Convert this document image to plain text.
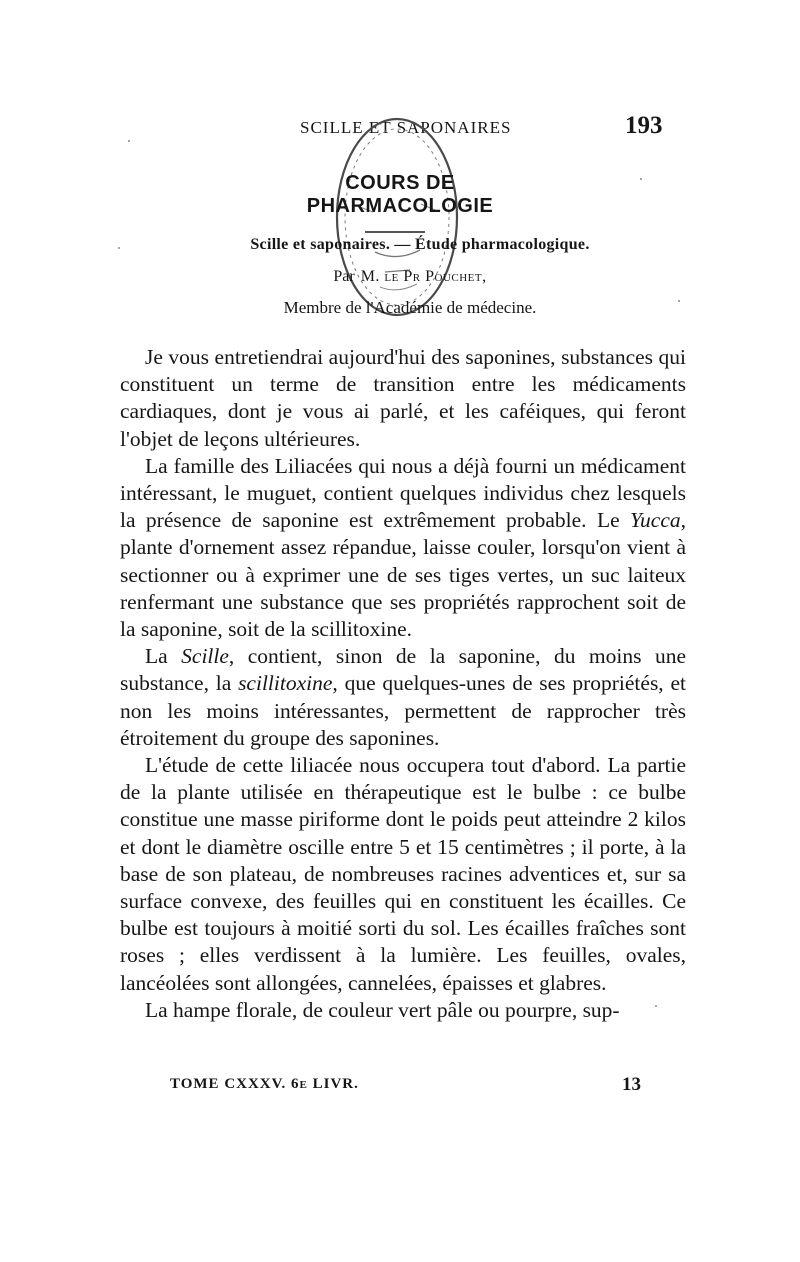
SCILLE ET SAPONAIRES	193
COURS DE PHARMACOLOGIE
Scille et saponaires. — Étude pharmacologique.
Par M. le Pr Pouchet,
Membre de l'Académie de médecine.

Je vous entretiendrai aujourd'hui des saponines, substances qui constituent un terme de transition entre les médicaments cardiaques, dont je vous ai parlé, et les caféiques, qui feront l'objet de leçons ultérieures.

La famille des Liliacées qui nous a déjà fourni un médicament intéressant, le muguet, contient quelques individus chez lesquels la présence de saponine est extrêmement probable. Le Yucca, plante d'ornement assez répandue, laisse couler, lorsqu'on vient à sectionner ou à exprimer une de ses tiges vertes, un suc laiteux renfermant une substance que ses propriétés rapprochent soit de la saponine, soit de la scillitoxine.

La Scille, contient, sinon de la saponine, du moins une substance, la scillitoxine, que quelques-unes de ses propriétés, et non les moins intéressantes, permettent de rapprocher très étroitement du groupe des saponines.

L'étude de cette liliacée nous occupera tout d'abord. La partie de la plante utilisée en thérapeutique est le bulbe : ce bulbe constitue une masse piriforme dont le poids peut atteindre 2 kilos et dont le diamètre oscille entre 5 et 15 centimètres ; il porte, à la base de son plateau, de nombreuses racines adventices et, sur sa surface convexe, des feuilles qui en constituent les écailles. Ce bulbe est toujours à moitié sorti du sol. Les écailles fraîches sont roses ; elles verdissent à la lumière. Les feuilles, ovales, lancéolées sont allongées, cannelées, épaisses et glabres.

La hampe florale, de couleur vert pâle ou pourpre, sup-

TOME CXXXV. 6e LIVR.	13
